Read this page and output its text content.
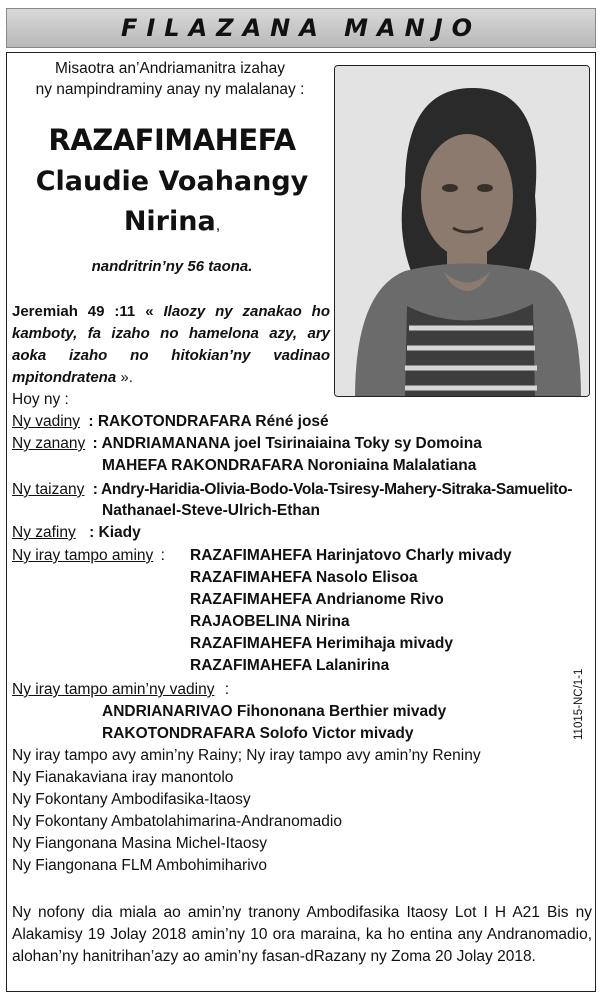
FILAZANA MANJO
Misaotra an’Andriamanitra izahay
ny nampindraminy anay ny malalanay :
RAZAFIMAHEFA
Claudie Voahangy
Nirina,
nandritrin’ny 56 taona.
Jeremiah 49 :11 « Ilaozy ny zanakao ho kamboty, fa izaho no hamelona azy, ary aoka izaho no hitokian’ny vadinao mpitondratena ».
Hoy ny :
Ny vadiny : RAKOTONDRAFARA Réné josé
Ny zanany : ANDRIAMANANA joel Tsirinaiaina Toky sy Domoina
MAHEFA RAKONDRAFARA Noroniaina Malalatiana
Ny taizany : Andry-Haridia-Olivia-Bodo-Vola-Tsiresy-Mahery-Sitraka-Samuelito-
Nathanael-Steve-Ulrich-Ethan
Ny zafiny : Kiady
Ny iray tampo aminy : RAZAFIMAHEFA Harinjatovo Charly mivady
RAZAFIMAHEFA Nasolo Elisoa
RAZAFIMAHEFA Andrianome Rivo
RAJAOBELINA Nirina
RAZAFIMAHEFA Herimihaja mivady
RAZAFIMAHEFA Lalanirina
Ny iray tampo amin’ny vadiny :
ANDRIANARIVAO Fihononana Berthier mivady
RAKOTONDRAFARA Solofo Victor mivady
Ny iray tampo avy amin’ny Rainy; Ny iray tampo avy amin’ny Reniny
Ny Fianakaviana iray manontolo
Ny Fokontany Ambodifasika-Itaosy
Ny Fokontany Ambatolahimarina-Andranomadio
Ny Fiangonana Masina Michel-Itaosy
Ny Fiangonana FLM Ambohimiharivo
11015-NC/1-1
Ny nofony dia miala ao amin’ny tranony Ambodifasika Itaosy Lot I H A21 Bis ny Alakamisy 19 Jolay 2018 amin’ny 10 ora maraina, ka ho entina any Andranomadio, alohan’ny hanitrihan’azy ao amin’ny fasan-dRazany ny Zoma 20 Jolay 2018.
